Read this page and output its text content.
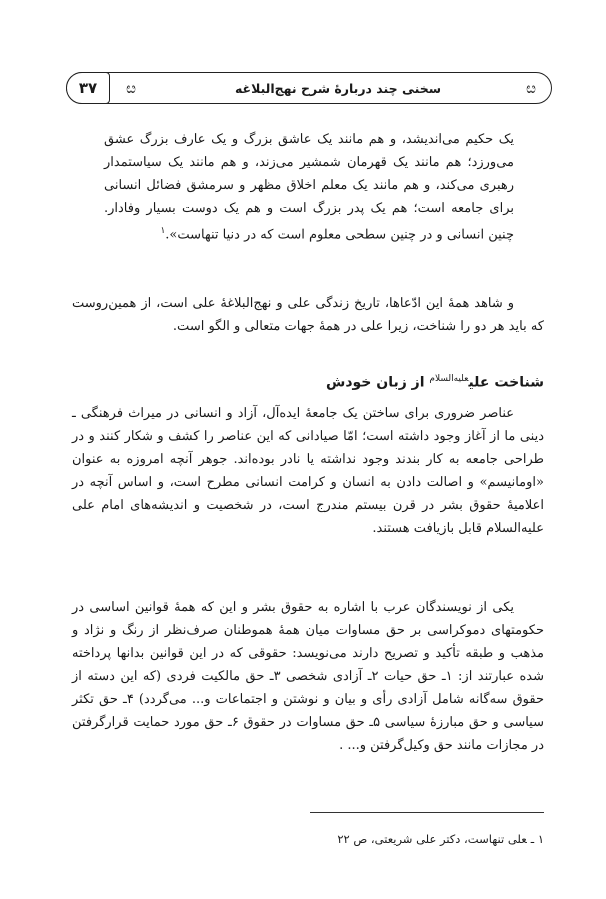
ೞ
سخنی چند دربارهٔ شرح نهج‌البلاغه
ೞ
۳۷

یک حکیم می‌اندیشد، و هم مانند یک عاشق بزرگ و یک عارف بزرگ عشق می‌ورزد؛ هم مانند یک قهرمان شمشیر می‌زند، و هم مانند یک سیاستمدار رهبری می‌کند، و هم مانند یک معلم اخلاق مظهر و سرمشق فضائل انسانی برای جامعه است؛ هم یک پدر بزرگ است و هم یک دوست بسیار وفادار. چنین انسانی و در چنین سطحی معلوم است که در دنیا تنهاست».$^۱$

و شاهد همهٔ این ادّعاها، تاریخ زندگی علی و نهج‌البلاغهٔ علی است، از همین‌روست که باید هر دو را شناخت، زیرا علی در همهٔ جهات متعالی و الگو است.

شناخت علی$^{علیه‌السلام}$ از زبان خودش

عناصر ضروری برای ساختن یک جامعهٔ ایده‌آل، آزاد و انسانی در میراث فرهنگی ـ دینی ما از آغاز وجود داشته است؛ امّا صیادانی که این عناصر را کشف و شکار کنند و در طراحی جامعه به کار بندند وجود نداشته یا نادر بوده‌اند. جوهر آنچه امروزه به عنوان «اومانیسم» و اصالت دادن به انسان و کرامت انسانی مطرح است، و اساس آنچه در اعلامیهٔ حقوق بشر در قرن بیستم مندرج است، در شخصیت و اندیشه‌های امام علی علیه‌السلام قابل بازیافت هستند.

یکی از نویسندگان عرب با اشاره به حقوق بشر و این که همهٔ قوانین اساسی در حکومتهای دموکراسی بر حق مساوات میان همهٔ هموطنان صرف‌نظر از رنگ و نژاد و مذهب و طبقه تأکید و تصریح دارند می‌نویسد: حقوقی که در این قوانین بدانها پرداخته شده عبارتند از: ۱ـ حق حیات ۲ـ آزادی شخصی ۳ـ حق مالکیت فردی (که این دسته از حقوق سه‌گانه شامل آزادی رأی و بیان و نوشتن و اجتماعات و... می‌گردد) ۴ـ حق تکثر سیاسی و حق مبارزهٔ سیاسی ۵ـ حق مساوات در حقوق ۶ـ حق مورد حمایت قرارگرفتن در مجازات مانند حق وکیل‌گرفتن و... .

۱ ـعلی تنهاست، دکتر علی شریعتی، ص ۲۲
